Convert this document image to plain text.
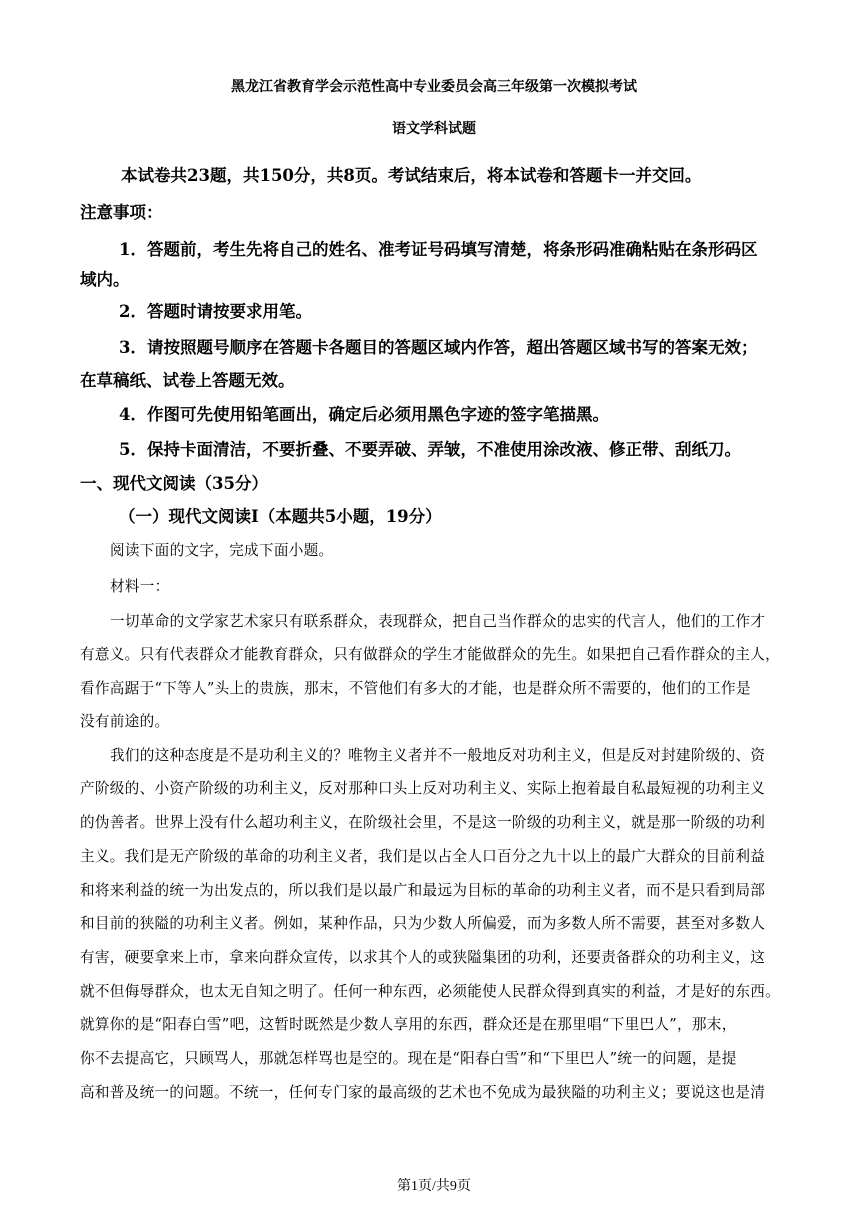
黑龙江省教育学会示范性高中专业委员会高三年级第一次模拟考试
语文学科试题
本试卷共23题，共150分，共8页。考试结束后，将本试卷和答题卡一并交回。
注意事项：
1．答题前，考生先将自己的姓名、准考证号码填写清楚，将条形码准确粘贴在条形码区
域内。
2．答题时请按要求用笔。
3．请按照题号顺序在答题卡各题目的答题区域内作答，超出答题区域书写的答案无效；
在草稿纸、试卷上答题无效。
4．作图可先使用铅笔画出，确定后必须用黑色字迹的签字笔描黑。
5．保持卡面清洁，不要折叠、不要弄破、弄皱，不准使用涂改液、修正带、刮纸刀。
一、现代文阅读（35分）
（一）现代文阅读Ⅰ（本题共5小题，19分）
阅读下面的文字，完成下面小题。
材料一：
一切革命的文学家艺术家只有联系群众，表现群众，把自己当作群众的忠实的代言人，他们的工作才
有意义。只有代表群众才能教育群众，只有做群众的学生才能做群众的先生。如果把自己看作群众的主人，
看作高踞于“下等人”头上的贵族，那末，不管他们有多大的才能，也是群众所不需要的，他们的工作是
没有前途的。
我们的这种态度是不是功利主义的？唯物主义者并不一般地反对功利主义，但是反对封建阶级的、资
产阶级的、小资产阶级的功利主义，反对那种口头上反对功利主义、实际上抱着最自私最短视的功利主义
的伪善者。世界上没有什么超功利主义，在阶级社会里，不是这一阶级的功利主义，就是那一阶级的功利
主义。我们是无产阶级的革命的功利主义者，我们是以占全人口百分之九十以上的最广大群众的目前利益
和将来利益的统一为出发点的，所以我们是以最广和最远为目标的革命的功利主义者，而不是只看到局部
和目前的狭隘的功利主义者。例如，某种作品，只为少数人所偏爱，而为多数人所不需要，甚至对多数人
有害，硬要拿来上市，拿来向群众宣传，以求其个人的或狭隘集团的功利，还要责备群众的功利主义，这
就不但侮辱群众，也太无自知之明了。任何一种东西，必须能使人民群众得到真实的利益，才是好的东西。
就算你的是“阳春白雪”吧，这暂时既然是少数人享用的东西，群众还是在那里唱“下里巴人”，那末，
你不去提高它，只顾骂人，那就怎样骂也是空的。现在是“阳春白雪”和“下里巴人”统一的问题，是提
高和普及统一的问题。不统一，任何专门家的最高级的艺术也不免成为最狭隘的功利主义；要说这也是清
第1页/共9页
